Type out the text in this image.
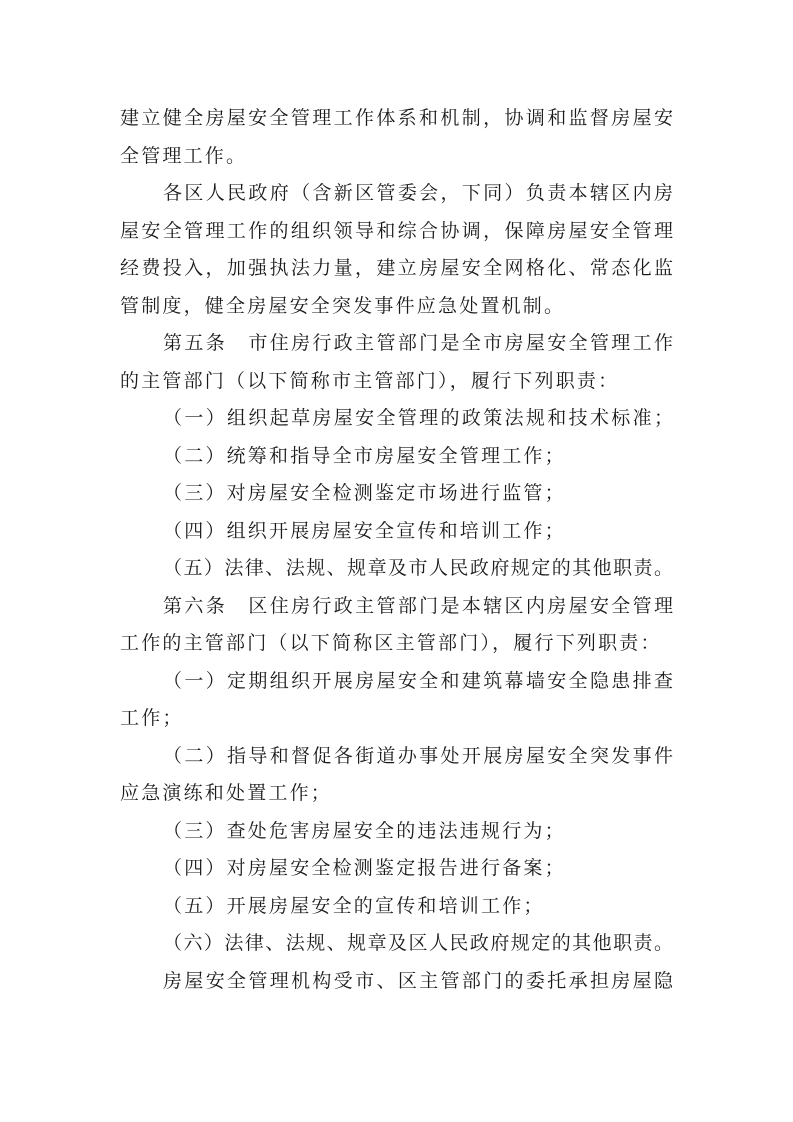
建立健全房屋安全管理工作体系和机制，协调和监督房屋安
全管理工作。
各区人民政府（含新区管委会，下同）负责本辖区内房
屋安全管理工作的组织领导和综合协调，保障房屋安全管理
经费投入，加强执法力量，建立房屋安全网格化、常态化监
管制度，健全房屋安全突发事件应急处置机制。
第五条　市住房行政主管部门是全市房屋安全管理工作
的主管部门（以下简称市主管部门），履行下列职责：
（一）组织起草房屋安全管理的政策法规和技术标准；
（二）统筹和指导全市房屋安全管理工作；
（三）对房屋安全检测鉴定市场进行监管；
（四）组织开展房屋安全宣传和培训工作；
（五）法律、法规、规章及市人民政府规定的其他职责。
第六条　区住房行政主管部门是本辖区内房屋安全管理
工作的主管部门（以下简称区主管部门），履行下列职责：
（一）定期组织开展房屋安全和建筑幕墙安全隐患排查
工作；
（二）指导和督促各街道办事处开展房屋安全突发事件
应急演练和处置工作；
（三）查处危害房屋安全的违法违规行为；
（四）对房屋安全检测鉴定报告进行备案；
（五）开展房屋安全的宣传和培训工作；
（六）法律、法规、规章及区人民政府规定的其他职责。
房屋安全管理机构受市、区主管部门的委托承担房屋隐
